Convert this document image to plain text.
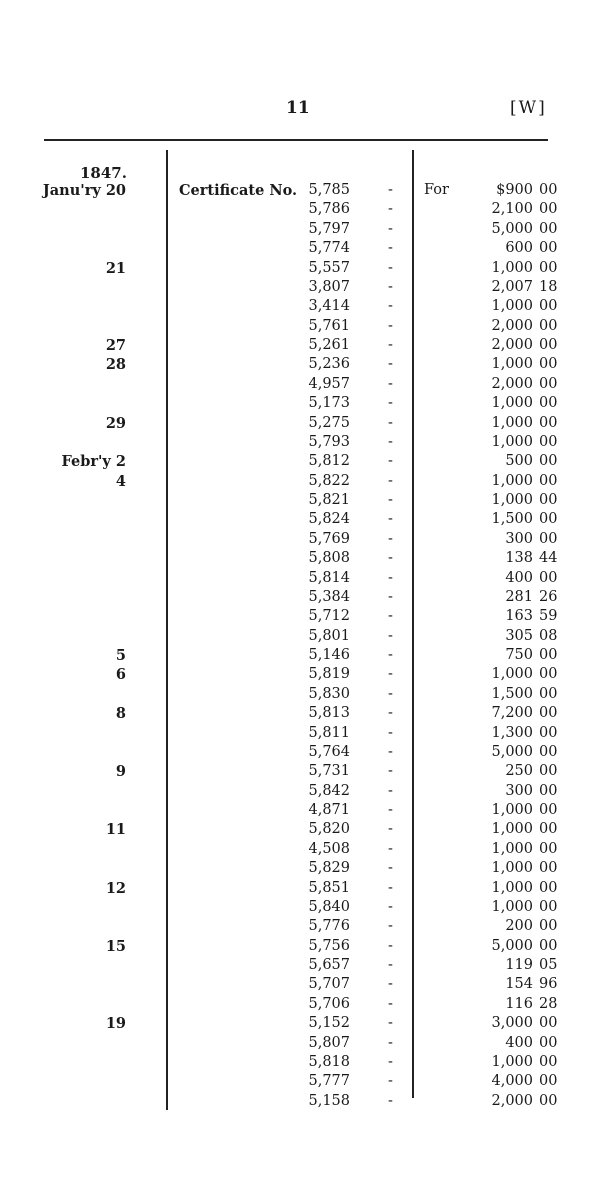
11	[W]
1847.
Janu'ry 20	Certificate No. 5,785	- For	$900 00
5,786	-	2,100 00
5,797	-	5,000 00
5,774	-	600 00
21	5,557	-	1,000 00
3,807	-	2,007 18
3,414	-	1,000 00
5,761	-	2,000 00
27	5,261	-	2,000 00
28	5,236	-	1,000 00
4,957	-	2,000 00
5,173	-	1,000 00
29	5,275	-	1,000 00
5,793	-	1,000 00
Febr'y 2	5,812	-	500 00
4	5,822	-	1,000 00
5,821	-	1,000 00
5,824	-	1,500 00
5,769	-	300 00
5,808	-	138 44
5,814	-	400 00
5,384	-	281 26
5,712	-	163 59
5,801	-	305 08
5	5,146	-	750 00
6	5,819	-	1,000 00
5,830	-	1,500 00
8	5,813	-	7,200 00
5,811	-	1,300 00
5,764	-	5,000 00
9	5,731	-	250 00
5,842	-	300 00
4,871	-	1,000 00
11	5,820	-	1,000 00
4,508	-	1,000 00
5,829	-	1,000 00
12	5,851	-	1,000 00
5,840	-	1,000 00
5,776	-	200 00
15	5,756	-	5,000 00
5,657	-	119 05
5,707	-	154 96
5,706	-	116 28
19	5,152	-	3,000 00
5,807	-	400 00
5,818	-	1,000 00
5,777	-	4,000 00
5,158	-	2,000 00
